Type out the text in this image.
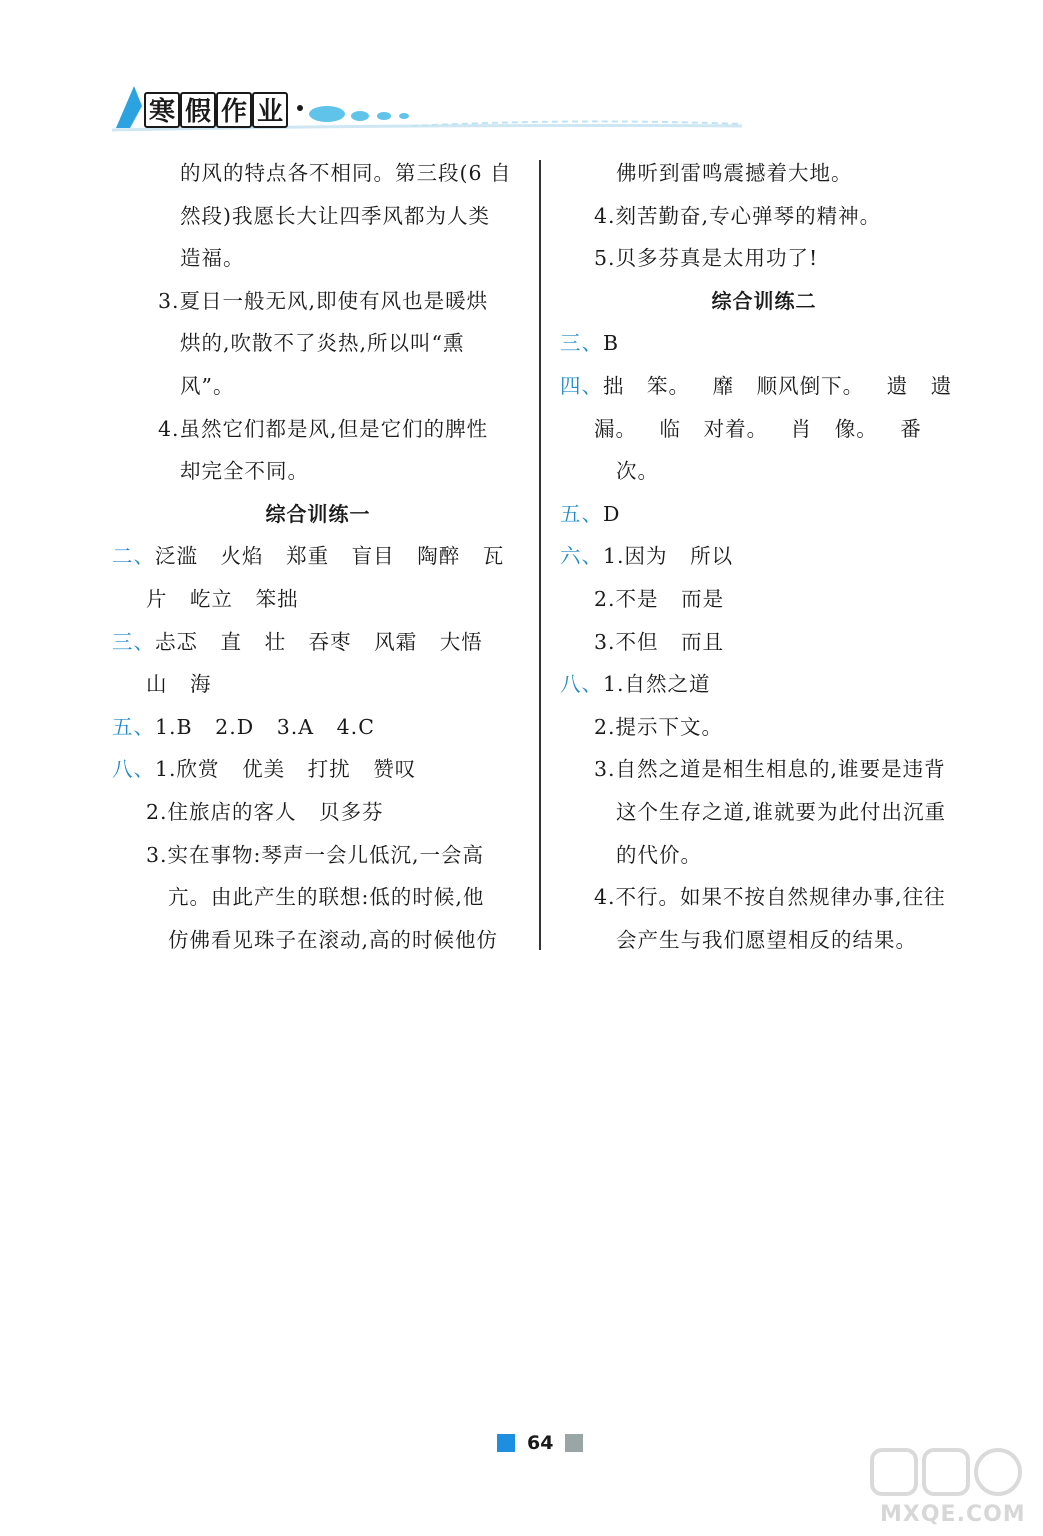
寒 假 作 业
的风的特点各不相同。第三段(6 自
然段)我愿长大让四季风都为人类
造福。
3.夏日一般无风,即使有风也是暖烘
烘的,吹散不了炎热,所以叫“熏
风”。
4.虽然它们都是风,但是它们的脾性
却完全不同。
综合训练一
二、泛滥   火焰   郑重   盲目   陶醉   瓦
片   屹立   笨拙
三、忐忑   直   壮   吞枣   风霜   大悟
山   海
五、1.B   2.D   3.A   4.C
八、1.欣赏   优美   打扰   赞叹
2.住旅店的客人   贝多芬
3.实在事物:琴声一会儿低沉,一会高
亢。由此产生的联想:低的时候,他
仿佛看见珠子在滚动,高的时候他仿
佛听到雷鸣震撼着大地。
4.刻苦勤奋,专心弹琴的精神。
5.贝多芬真是太用功了!
综合训练二
三、B
四、拙   笨。   靡   顺风倒下。   遗   遗
漏。   临   对着。   肖   像。   番
次。
五、D
六、1.因为   所以
2.不是   而是
3.不但   而且
八、1.自然之道
2.提示下文。
3.自然之道是相生相息的,谁要是违背
这个生存之道,谁就要为此付出沉重
的代价。
4.不行。如果不按自然规律办事,往往
会产生与我们愿望相反的结果。
64
MXQE.COM
